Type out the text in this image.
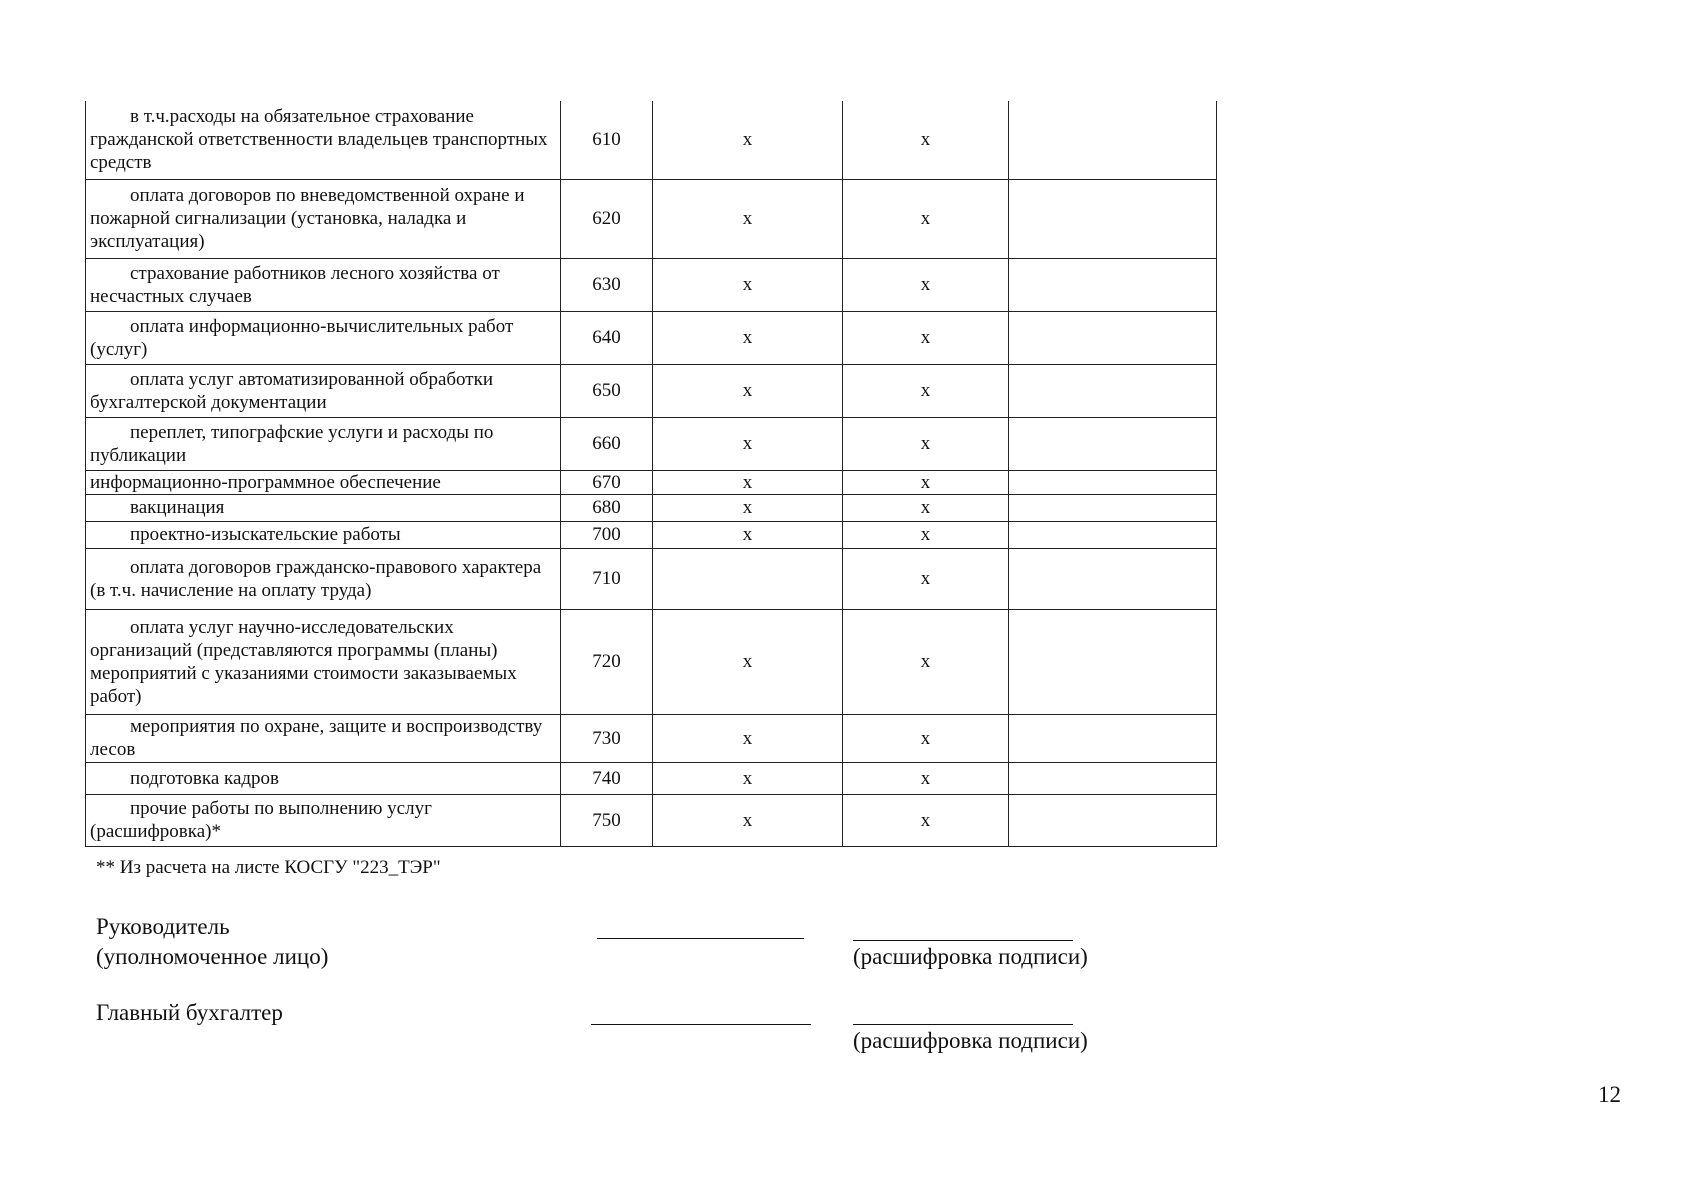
в т.ч.расходы на обязательное страхование гражданской ответственности владельцев транспортных средств	610	х	х	

оплата договоров по вневедомственной охране и пожарной сигнализации (установка, наладка и эксплуатация)	620	х	х	

страхование работников лесного хозяйства от несчастных случаев	630	х	х	

оплата информационно-вычислительных работ (услуг)	640	х	х	

оплата услуг автоматизированной обработки бухгалтерской документации	650	х	х	

переплет, типографские услуги и расходы по публикации	660	х	х	

информационно-программное обеспечение	670	х	х	

вакцинация	680	х	х	

проектно-изыскательские работы	700	х	х	

оплата договоров гражданско-правового характера (в т.ч. начисление на оплату труда)	710		х	

оплата услуг научно-исследовательских организаций (представляются программы (планы) мероприятий с указаниями стоимости заказываемых работ)	720	х	х	

мероприятия по охране, защите и воспроизводству лесов	730	х	х	

подготовка кадров	740	х	х	

прочие работы по выполнению услуг (расшифровка)*	750	х	х	
** Из расчета на листе КОСГУ "223_ТЭР"
Руководитель
(уполномоченное лицо)	(расшифровка подписи)
Главный бухгалтер
(расшифровка подписи)
12
